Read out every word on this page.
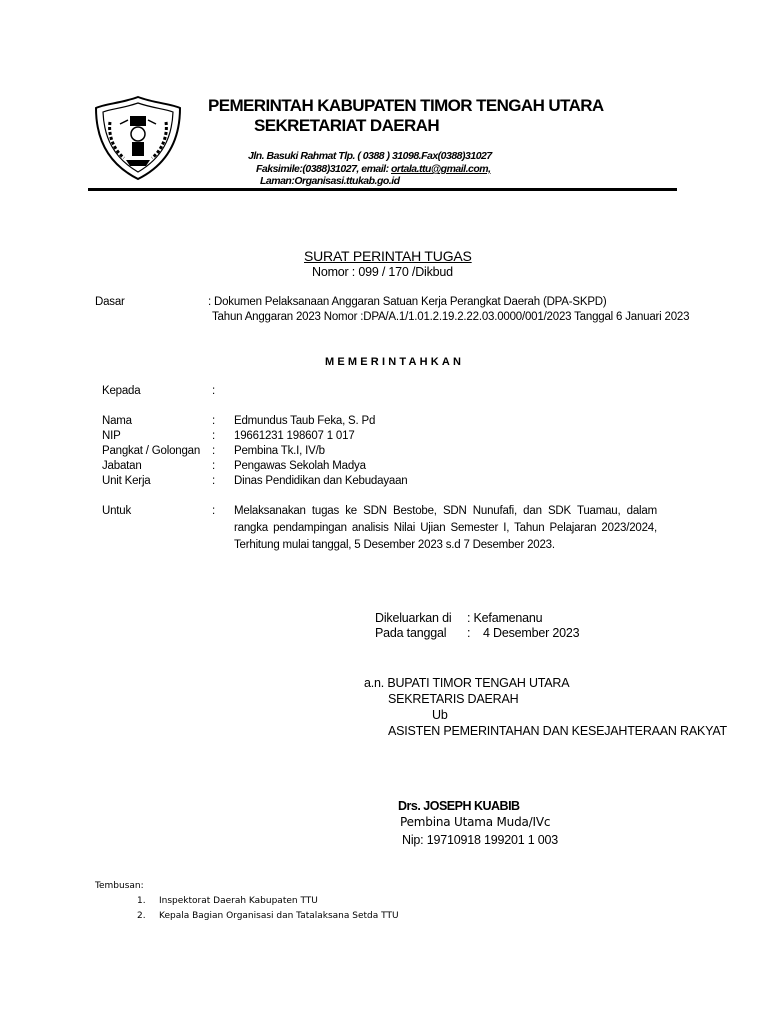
PEMERINTAH KABUPATEN TIMOR TENGAH UTARA
SEKRETARIAT DAERAH
Jln. Basuki Rahmat Tlp. ( 0388 ) 31098.Fax(0388)31027
Faksimile:(0388)31027, email: ortala.ttu@gmail.com,
Laman:Organisasi.ttukab.go.id
SURAT PERINTAH TUGAS
Nomor : 099 / 170 /Dikbud
Dasar	: Dokumen Pelaksanaan Anggaran Satuan Kerja Perangkat Daerah (DPA-SKPD)
Tahun Anggaran 2023 Nomor :DPA/A.1/1.01.2.19.2.22.03.0000/001/2023 Tanggal 6 Januari 2023
MEMERINTAHKAN
Kepada	:
Nama	: Edmundus Taub Feka, S. Pd
NIP	: 19661231 198607 1 017
Pangkat / Golongan : Pembina Tk.I, IV/b
Jabatan	: Pengawas Sekolah Madya
Unit Kerja	: Dinas Pendidikan dan Kebudayaan
Untuk	: Melaksanakan tugas ke SDN Bestobe, SDN Nunufafi, dan SDK Tuamau, dalam rangka pendampingan analisis Nilai Ujian Semester I, Tahun Pelajaran 2023/2024, Terhitung mulai tanggal, 5 Desember 2023 s.d 7 Desember 2023.
Dikeluarkan di : Kefamenanu
Pada tanggal : 4 Desember 2023
a.n. BUPATI TIMOR TENGAH UTARA
SEKRETARIS DAERAH
Ub
ASISTEN PEMERINTAHAN DAN KESEJAHTERAAN RAKYAT
Drs. JOSEPH KUABIB
Pembina Utama Muda/IVc
Nip: 19710918 199201 1 003
Tembusan:
1. Inspektorat Daerah Kabupaten TTU
2. Kepala Bagian Organisasi dan Tatalaksana Setda TTU
